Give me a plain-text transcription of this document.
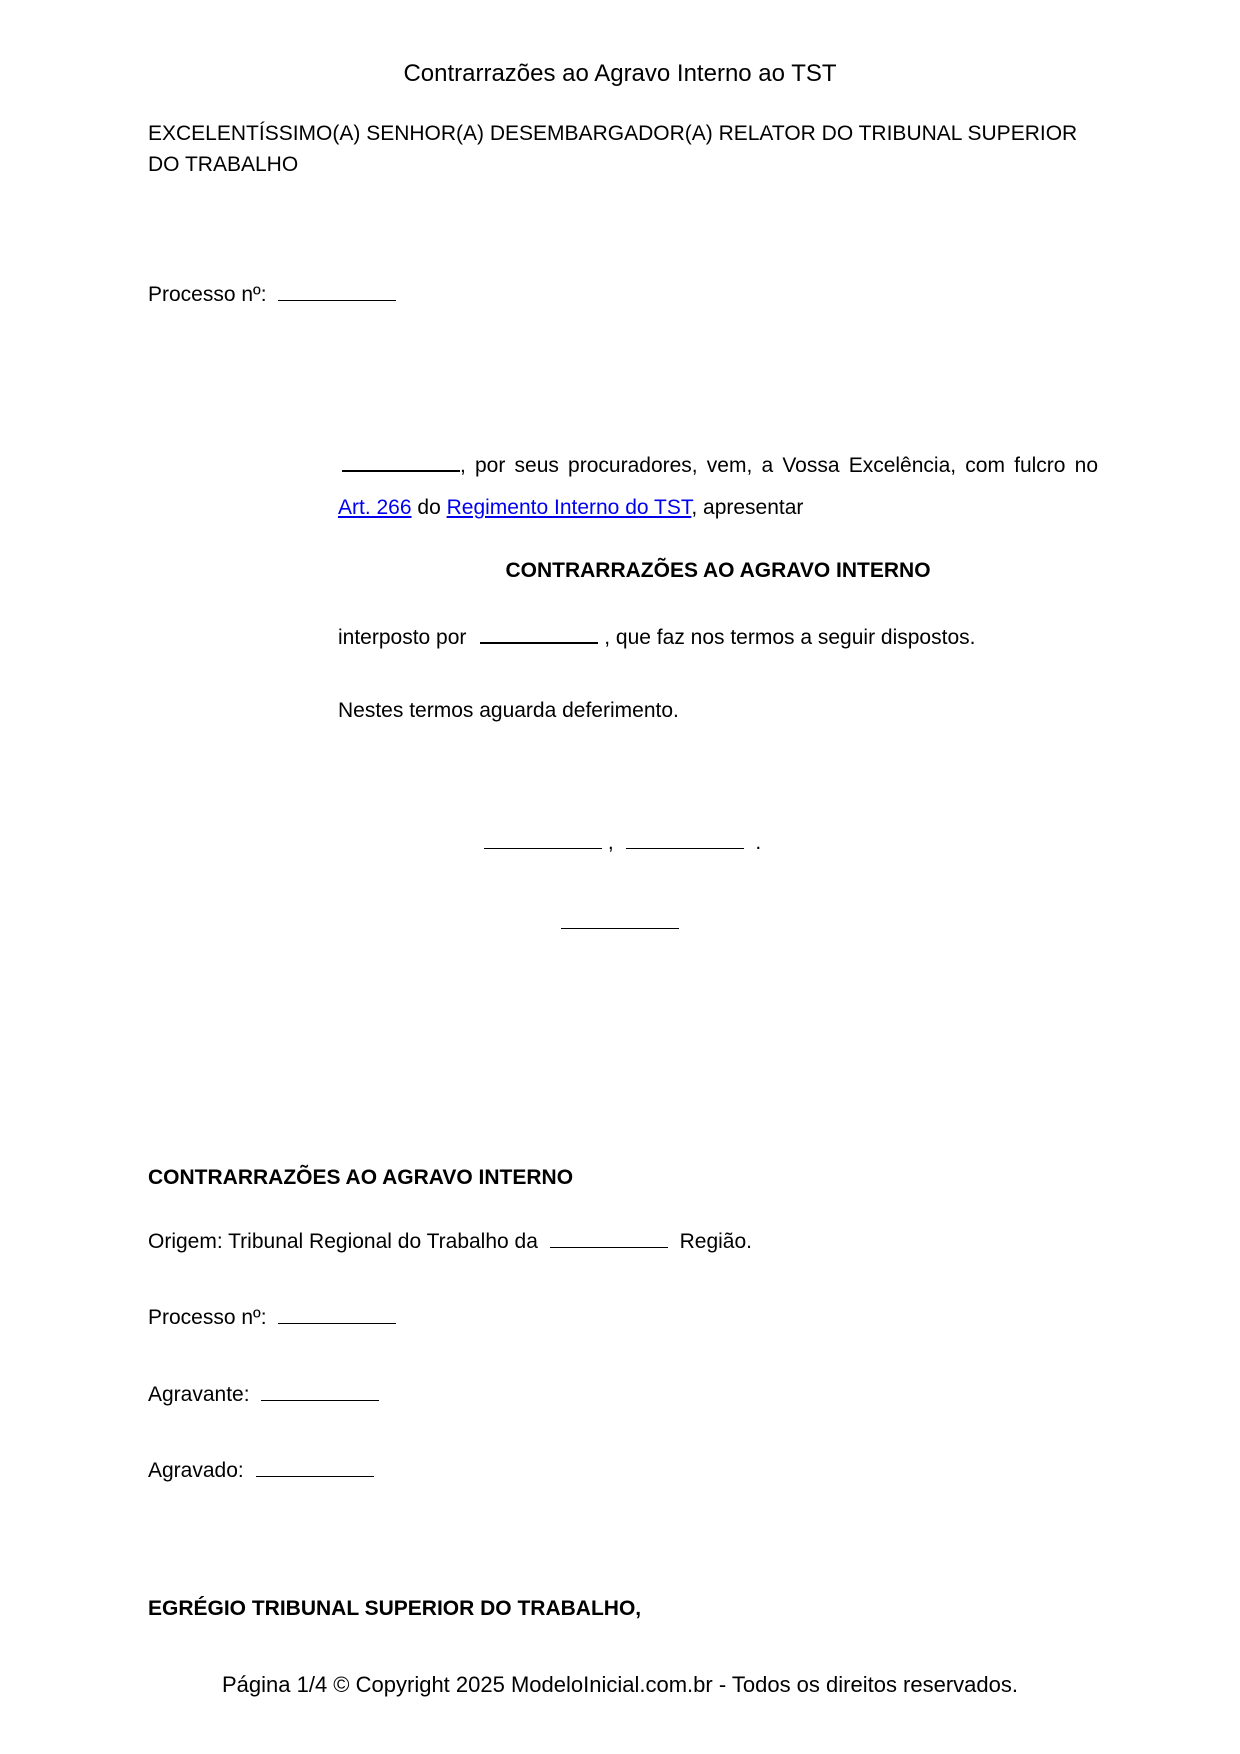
Contrarrazões ao Agravo Interno ao TST

EXCELENTÍSSIMO(A) SENHOR(A) DESEMBARGADOR(A) RELATOR DO TRIBUNAL SUPERIOR DO TRABALHO

Processo nº:
, por seus procuradores, vem, a Vossa Excelência, com fulcro no
Art. 266 do Regimento Interno do TST, apresentar
CONTRARRAZÕES AO AGRAVO INTERNO
interposto por	, que faz nos termos a seguir dispostos.
Nestes termos aguarda deferimento.
,	.
CONTRARRAZÕES AO AGRAVO INTERNO
Origem: Tribunal Regional do Trabalho da	Região.
Processo nº:
Agravante:
Agravado:
EGRÉGIO TRIBUNAL SUPERIOR DO TRABALHO,
Página 1/4 © Copyright 2025 ModeloInicial.com.br - Todos os direitos reservados.
